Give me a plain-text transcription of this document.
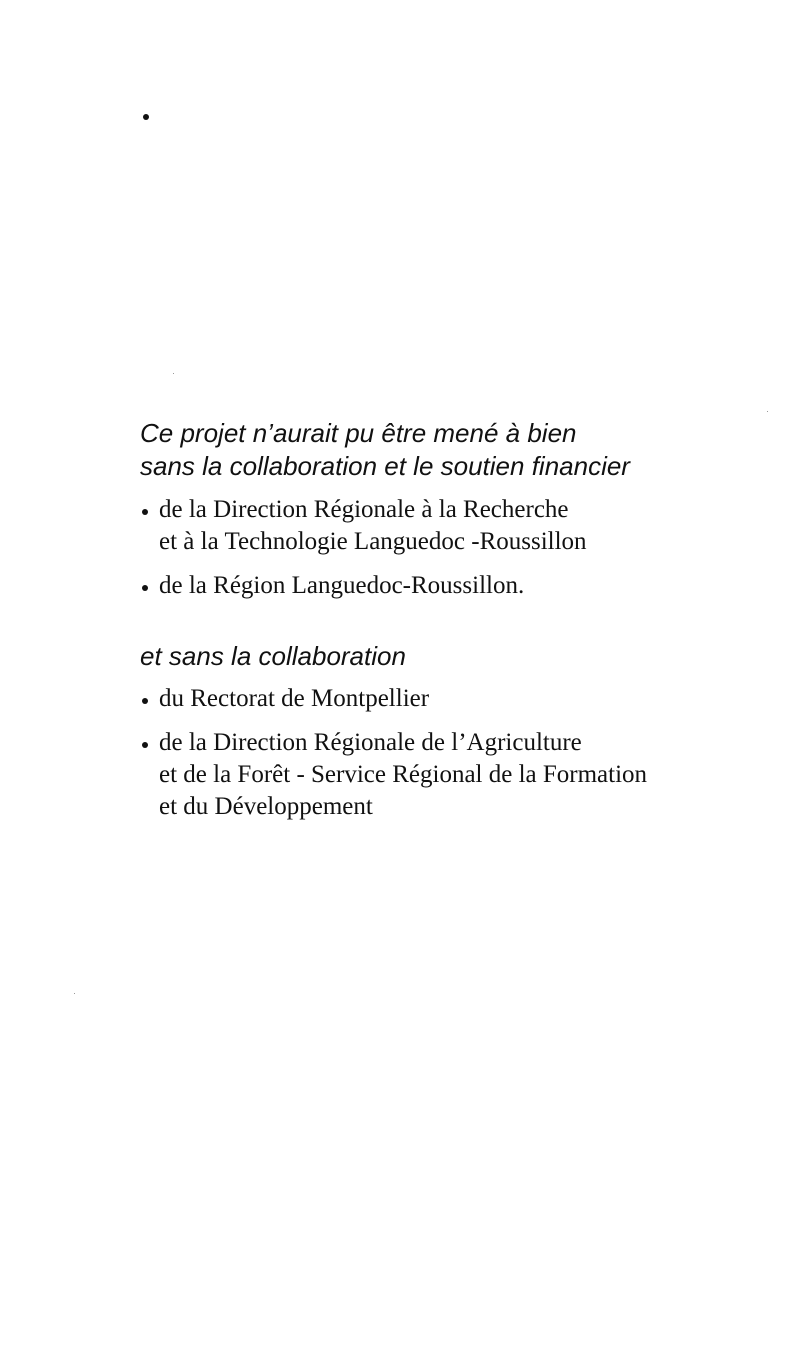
Ce projet n’aurait pu être mené à bien
sans la collaboration et le soutien financier

de la Direction Régionale à la Recherche
et à la Technologie Languedoc -Roussillon
de la Région Languedoc-Roussillon.

et sans la collaboration

du Rectorat de Montpellier
de la Direction Régionale de l’Agriculture
et de la Forêt - Service Régional de la Formation
et du Développement
